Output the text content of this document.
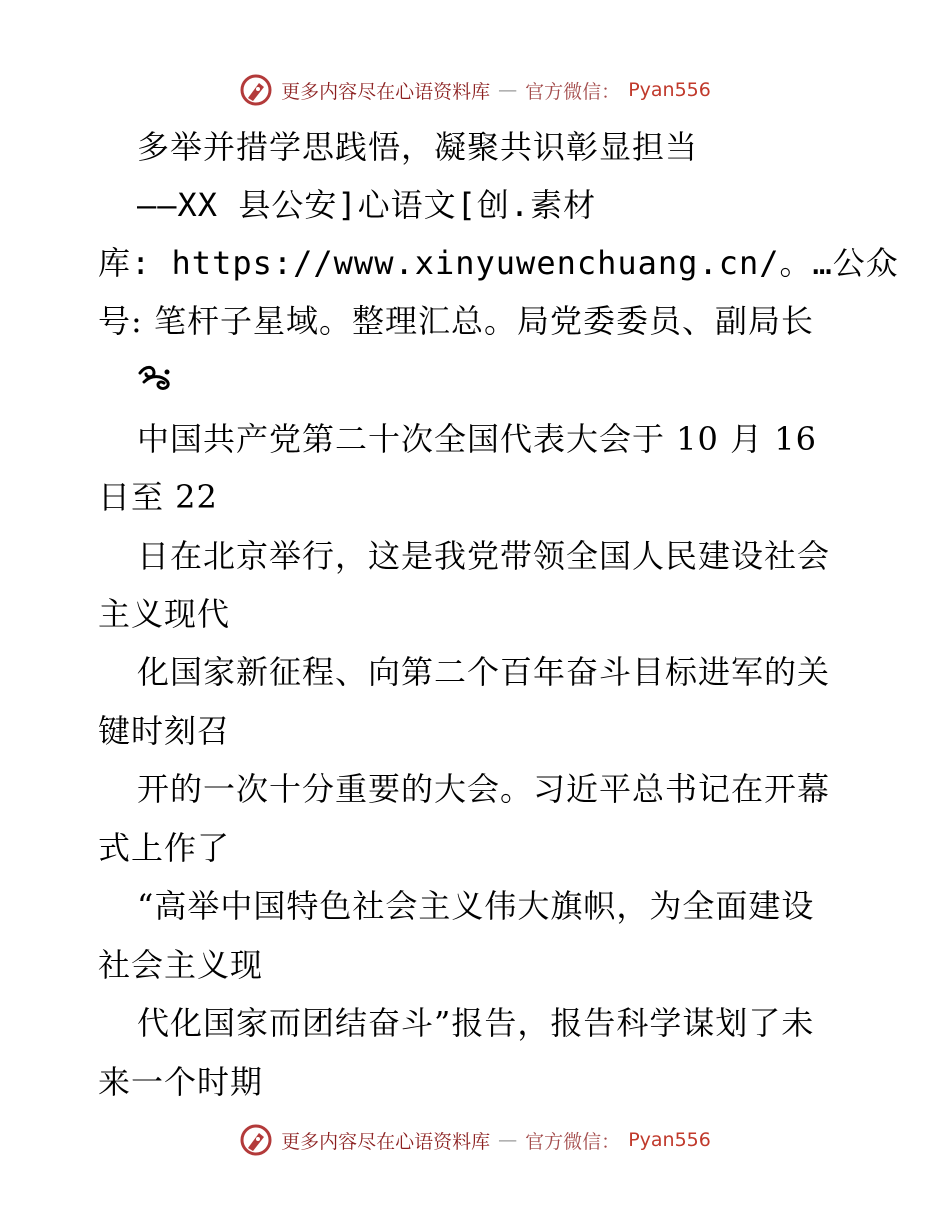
更多内容尽在心语资料库 — 官方微信： Pyan556
多举并措学思践悟，凝聚共识彰显担当
——XX 县公安]心语文[创.素材
库: https://www.xinyuwenchuang.cn/。…公众
号: 笔杆子星域。整理汇总。局党委委员、副局长
中国共产党第二十次全国代表大会于 10 月 16
日至 22
日在北京举行，这是我党带领全国人民建设社会
主义现代
化国家新征程、向第二个百年奋斗目标进军的关
键时刻召
开的一次十分重要的大会。习近平总书记在开幕
式上作了
“高举中国特色社会主义伟大旗帜，为全面建设
社会主义现
代化国家而团结奋斗”报告，报告科学谋划了未
来一个时期
更多内容尽在心语资料库 — 官方微信： Pyan556
